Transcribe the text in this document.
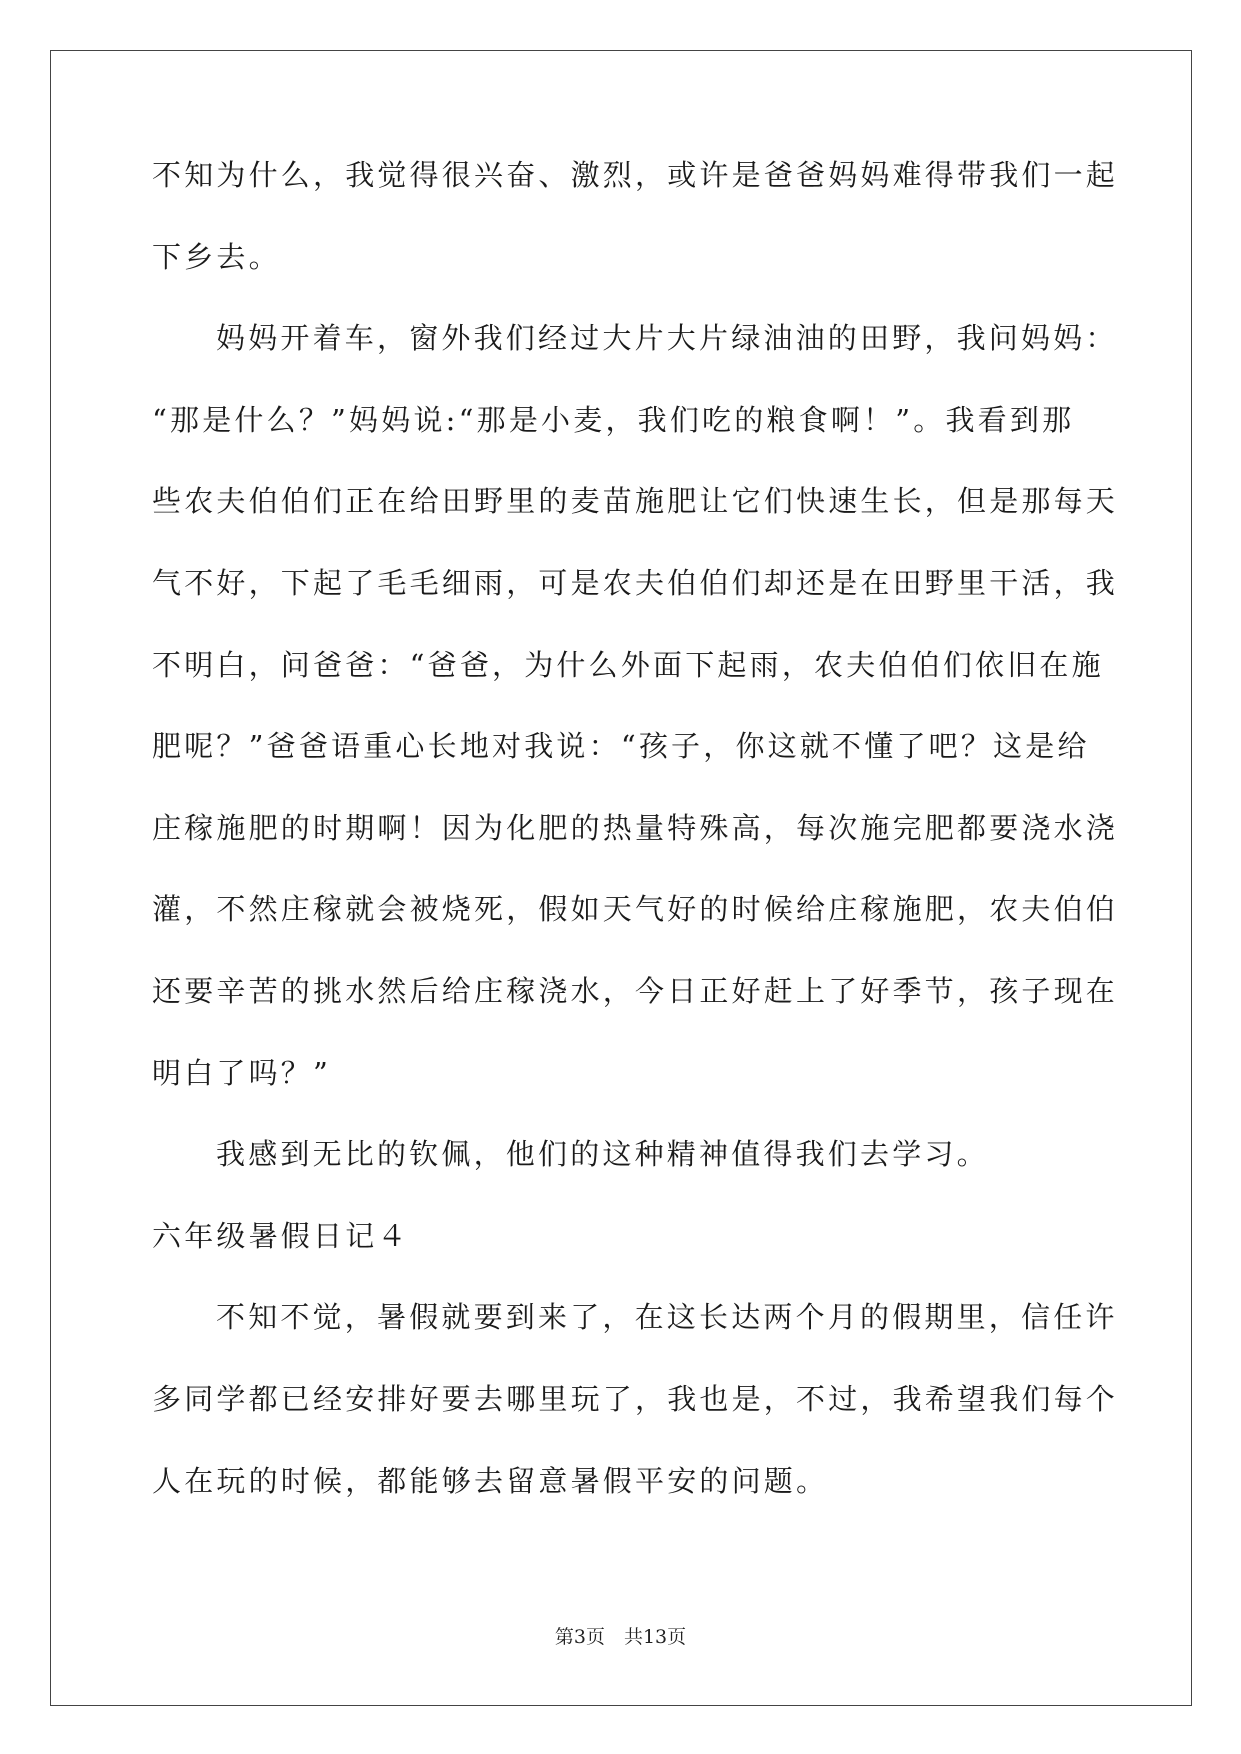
不知为什么，我觉得很兴奋、激烈，或许是爸爸妈妈难得带我们一起
下乡去。
妈妈开着车，窗外我们经过大片大片绿油油的田野，我问妈妈：
“那是什么？”妈妈说:“那是小麦，我们吃的粮食啊！”。我看到那
些农夫伯伯们正在给田野里的麦苗施肥让它们快速生长，但是那每天
气不好，下起了毛毛细雨，可是农夫伯伯们却还是在田野里干活，我
不明白，问爸爸：“爸爸，为什么外面下起雨，农夫伯伯们依旧在施
肥呢？”爸爸语重心长地对我说：“孩子，你这就不懂了吧？这是给
庄稼施肥的时期啊！因为化肥的热量特殊高，每次施完肥都要浇水浇
灌，不然庄稼就会被烧死，假如天气好的时候给庄稼施肥，农夫伯伯
还要辛苦的挑水然后给庄稼浇水，今日正好赶上了好季节，孩子现在
明白了吗？”
我感到无比的钦佩，他们的这种精神值得我们去学习。
六年级暑假日记４
不知不觉，暑假就要到来了，在这长达两个月的假期里，信任许
多同学都已经安排好要去哪里玩了，我也是，不过，我希望我们每个
人在玩的时候，都能够去留意暑假平安的问题。
第3页　共13页
